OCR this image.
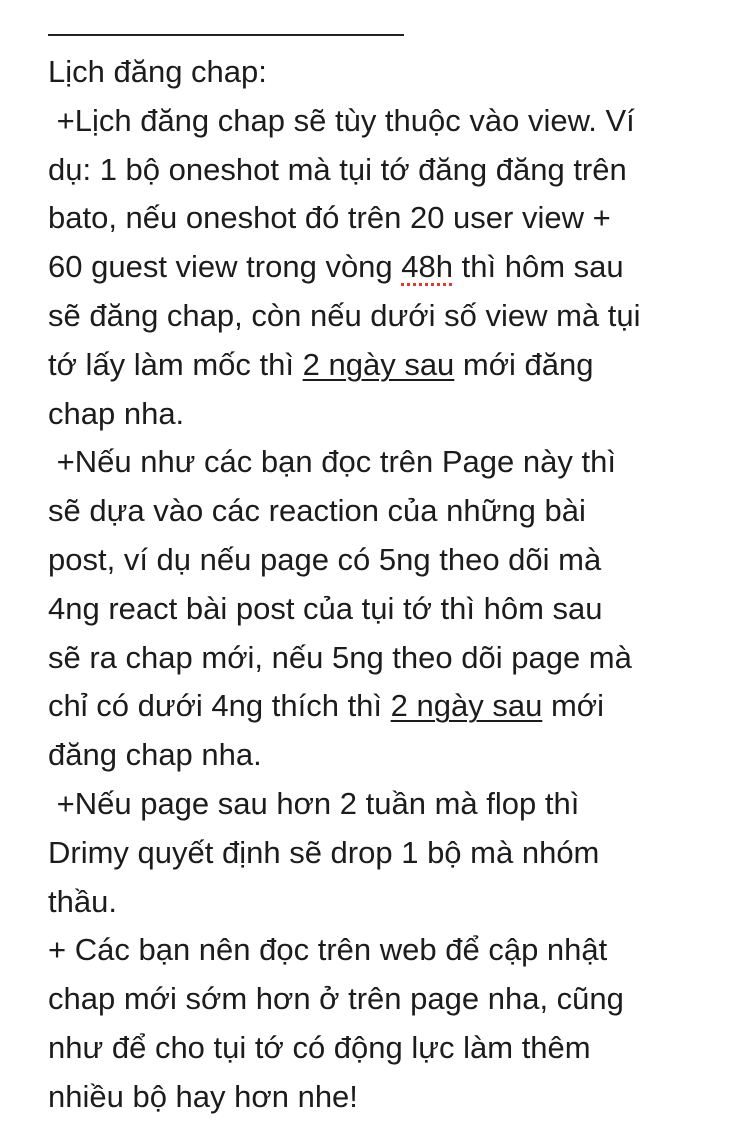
Lịch đăng chap:
+Lịch đăng chap sẽ tùy thuộc vào view. Ví
dụ: 1 bộ oneshot mà tụi tớ đăng đăng trên
bato, nếu oneshot đó trên 20 user view +
60 guest view trong vòng 48h thì hôm sau
sẽ đăng chap, còn nếu dưới số view mà tụi
tớ lấy làm mốc thì 2 ngày sau mới đăng
chap nha.
+Nếu như các bạn đọc trên Page này thì
sẽ dựa vào các reaction của những bài
post, ví dụ nếu page có 5ng theo dõi mà
4ng react bài post của tụi tớ thì hôm sau
sẽ ra chap mới, nếu 5ng theo dõi page mà
chỉ có dưới 4ng thích thì 2 ngày sau mới
đăng chap nha.
+Nếu page sau hơn 2 tuần mà flop thì
Drimy quyết định sẽ drop 1 bộ mà nhóm
thầu.
+ Các bạn nên đọc trên web để cập nhật
chap mới sớm hơn ở trên page nha, cũng
như để cho tụi tớ có động lực làm thêm
nhiều bộ hay hơn nhe!
